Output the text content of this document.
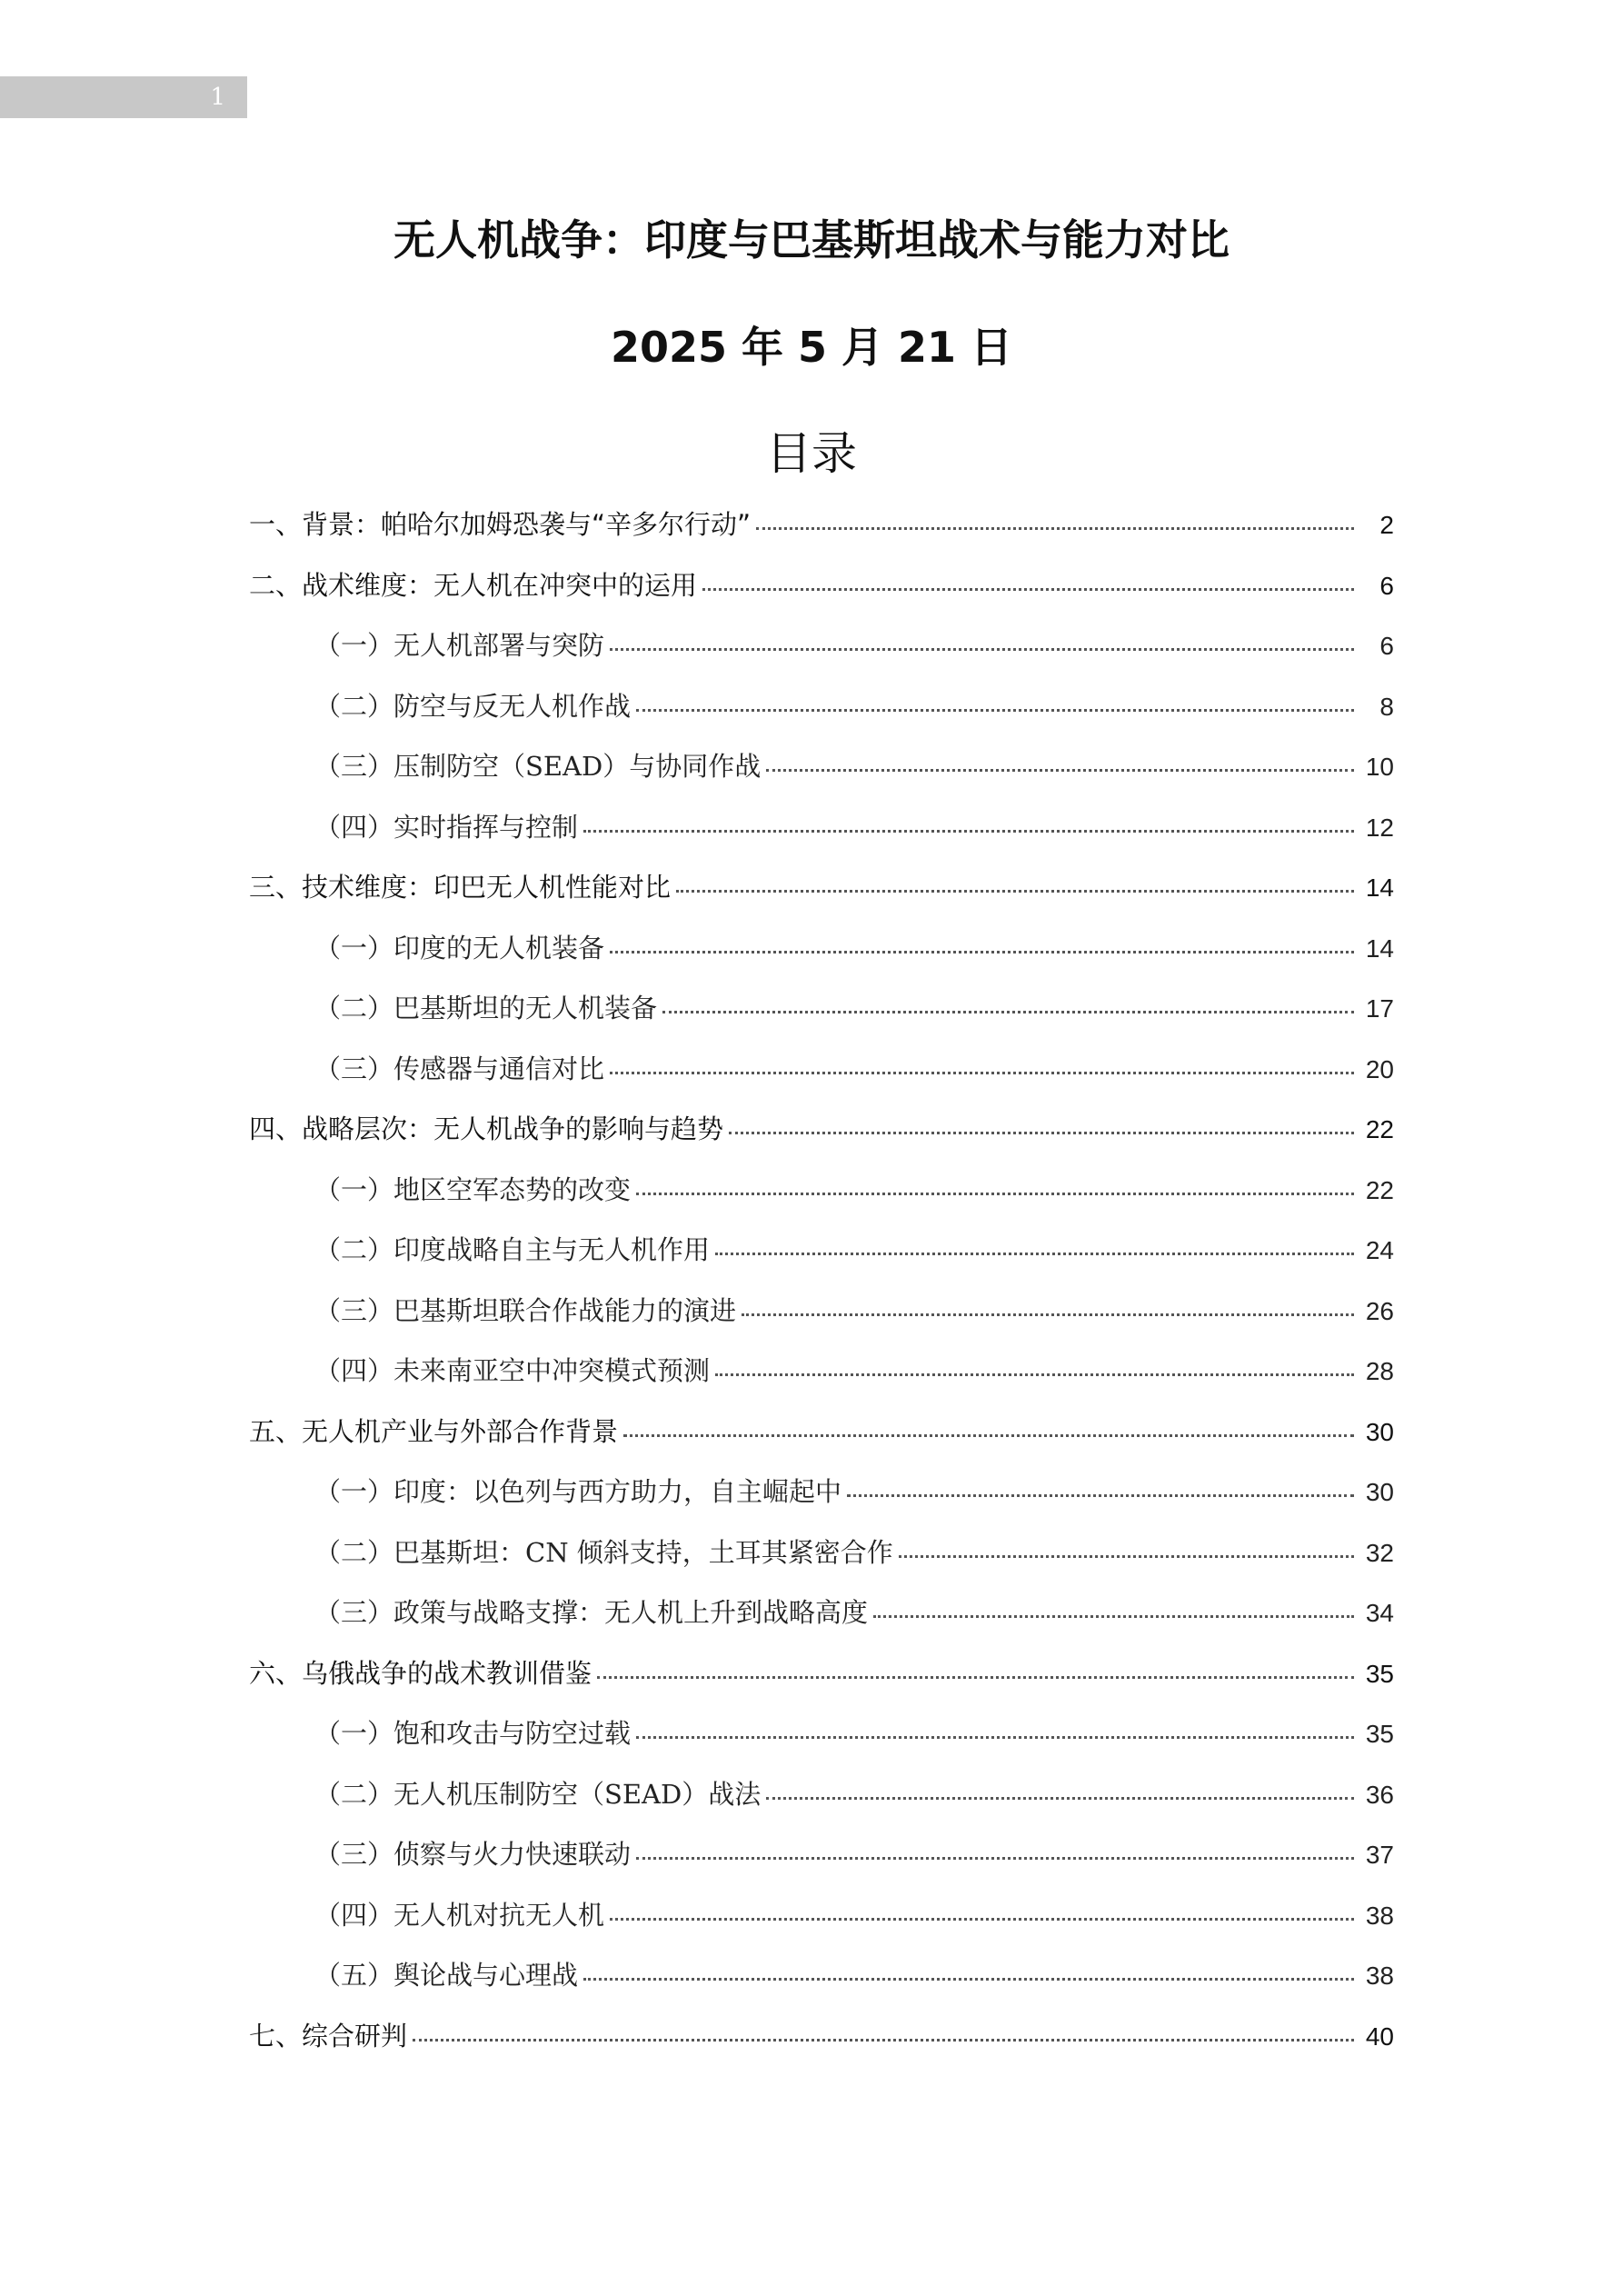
1
无人机战争：印度与巴基斯坦战术与能力对比
2025 年 5 月 21 日
目录
一、背景：帕哈尔加姆恐袭与“辛多尔行动”	2
二、战术维度：无人机在冲突中的运用	6
（一）无人机部署与突防	6
（二）防空与反无人机作战	8
（三）压制防空（SEAD）与协同作战	10
（四）实时指挥与控制	12
三、技术维度：印巴无人机性能对比	14
（一）印度的无人机装备	14
（二）巴基斯坦的无人机装备	17
（三）传感器与通信对比	20
四、战略层次：无人机战争的影响与趋势	22
（一）地区空军态势的改变	22
（二）印度战略自主与无人机作用	24
（三）巴基斯坦联合作战能力的演进	26
（四）未来南亚空中冲突模式预测	28
五、无人机产业与外部合作背景	30
（一）印度：以色列与西方助力，自主崛起中	30
（二）巴基斯坦：CN 倾斜支持，土耳其紧密合作	32
（三）政策与战略支撑：无人机上升到战略高度	34
六、乌俄战争的战术教训借鉴	35
（一）饱和攻击与防空过载	35
（二）无人机压制防空（SEAD）战法	36
（三）侦察与火力快速联动	37
（四）无人机对抗无人机	38
（五）舆论战与心理战	38
七、综合研判	40
